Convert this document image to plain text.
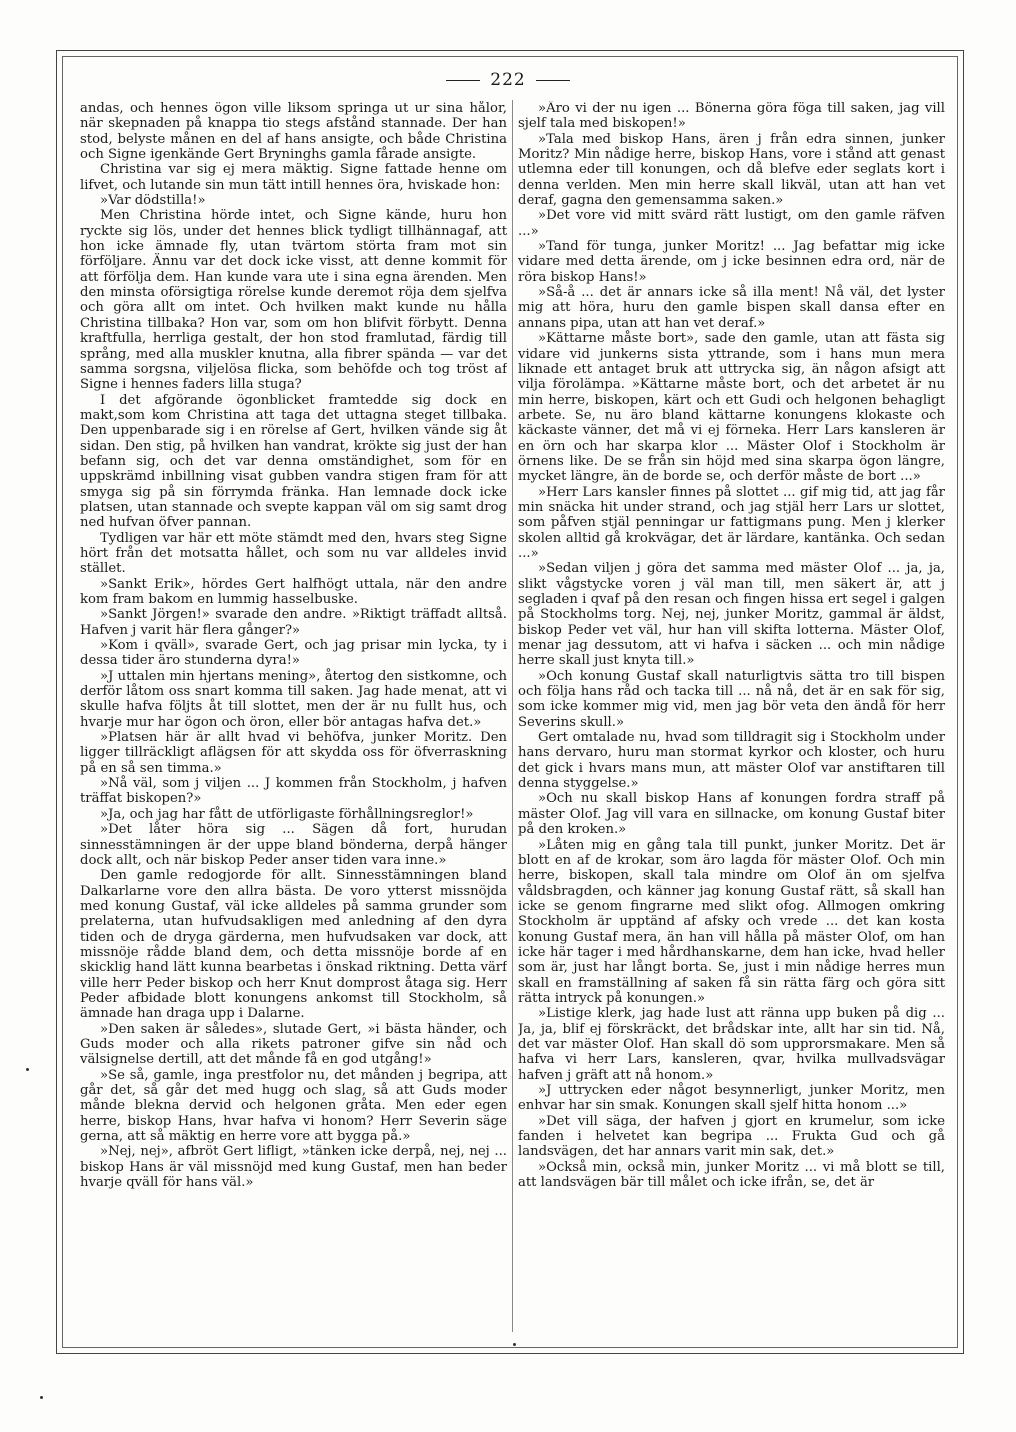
222

andas, och hennes ögon ville liksom springa ut ur sina hålor, när skepnaden på knappa tio stegs afstånd stannade. Der han stod, belyste månen en del af hans ansigte, och både Christina och Signe igenkände Gert Bryninghs gamla fårade ansigte.

Christina var sig ej mera mäktig. Signe fattade henne om lifvet, och lutande sin mun tätt intill hennes öra, hviskade hon:

»Var dödstilla!»

Men Christina hörde intet, och Signe kände, huru hon ryckte sig lös, under det hennes blick tydligt tillhännagaf, att hon icke ämnade fly, utan tvärtom störta fram mot sin förföljare. Ännu var det dock icke visst, att denne kommit för att förfölja dem. Han kunde vara ute i sina egna ärenden. Men den minsta oförsigtiga rörelse kunde deremot röja dem sjelfva och göra allt om intet. Och hvilken makt kunde nu hålla Christina tillbaka? Hon var, som om hon blifvit förbytt. Denna kraftfulla, herrliga gestalt, der hon stod framlutad, färdig till språng, med alla muskler knutna, alla fibrer spända — var det samma sorgsna, viljelösa flicka, som behöfde och tog tröst af Signe i hennes faders lilla stuga?

I det afgörande ögonblicket framtedde sig dock en makt,som kom Christina att taga det uttagna steget tillbaka. Den uppenbarade sig i en rörelse af Gert, hvilken vände sig åt sidan. Den stig, på hvilken han vandrat, krökte sig just der han befann sig, och det var denna omständighet, som för en uppskrämd inbillning visat gubben vandra stigen fram för att smyga sig på sin förrymda fränka. Han lemnade dock icke platsen, utan stannade och svepte kappan väl om sig samt drog ned hufvan öfver pannan.

Tydligen var här ett möte stämdt med den, hvars steg Signe hört från det motsatta hållet, och som nu var alldeles invid stället.

»Sankt Erik», hördes Gert halfhögt uttala, när den andre kom fram bakom en lummig hasselbuske.

»Sankt Jörgen!» svarade den andre. »Riktigt träffadt alltså. Hafven j varit här flera gånger?»

»Kom i qväll», svarade Gert, och jag prisar min lycka, ty i dessa tider äro stunderna dyra!»

»J uttalen min hjertans mening», återtog den sistkomne, och derför låtom oss snart komma till saken. Jag hade menat, att vi skulle hafva följts åt till slottet, men der är nu fullt hus, och hvarje mur har ögon och öron, eller bör antagas hafva det.»

»Platsen här är allt hvad vi behöfva, junker Moritz. Den ligger tillräckligt aflägsen för att skydda oss för öfverraskning på en så sen timma.»

»Nå väl, som j viljen ... J kommen från Stockholm, j hafven träffat biskopen?»

»Ja, och jag har fått de utförligaste förhållningsreglor!»

»Det låter höra sig ... Sägen då fort, hurudan sinnesstämningen är der uppe bland bönderna, derpå hänger dock allt, och när biskop Peder anser tiden vara inne.»

Den gamle redogjorde för allt. Sinnesstämningen bland Dalkarlarne vore den allra bästa. De voro ytterst missnöjda med konung Gustaf, väl icke alldeles på samma grunder som prelaterna, utan hufvudsakligen med anledning af den dyra tiden och de dryga gärderna, men hufvudsaken var dock, att missnöje rådde bland dem, och detta missnöje borde af en skicklig hand lätt kunna bearbetas i önskad riktning. Detta värf ville herr Peder biskop och herr Knut domprost åtaga sig. Herr Peder afbidade blott konungens ankomst till Stockholm, så ämnade han draga upp i Dalarne.

»Den saken är således», slutade Gert, »i bästa händer, och Guds moder och alla rikets patroner gifve sin nåd och välsignelse dertill, att det månde få en god utgång!»

»Se så, gamle, inga prestfolor nu, det månden j begripa, att går det, så går det med hugg och slag, så att Guds moder månde blekna dervid och helgonen gråta. Men eder egen herre, biskop Hans, hvar hafva vi honom? Herr Severin säge gerna, att så mäktig en herre vore att bygga på.»

»Nej, nej», afbröt Gert lifligt, »tänken icke derpå, nej, nej ... biskop Hans är väl missnöjd med kung Gustaf, men han beder hvarje qväll för hans väl.»

»Äro vi der nu igen ... Bönerna göra föga till saken, jag vill sjelf tala med biskopen!»

»Tala med biskop Hans, ären j från edra sinnen, junker Moritz? Min nådige herre, biskop Hans, vore i stånd att genast utlemna eder till konungen, och då blefve eder seglats kort i denna verlden. Men min herre skall likväl, utan att han vet deraf, gagna den gemensamma saken.»

»Det vore vid mitt svärd rätt lustigt, om den gamle räfven ...»

»Tand för tunga, junker Moritz! ... Jag befattar mig icke vidare med detta ärende, om j icke besinnen edra ord, när de röra biskop Hans!»

»Så-å ... det är annars icke så illa ment! Nå väl, det lyster mig att höra, huru den gamle bispen skall dansa efter en annans pipa, utan att han vet deraf.»

»Kättarne måste bort», sade den gamle, utan att fästa sig vidare vid junkerns sista yttrande, som i hans mun mera liknade ett antaget bruk att uttrycka sig, än någon afsigt att vilja förolämpa. »Kättarne måste bort, och det arbetet är nu min herre, biskopen, kärt och ett Gudi och helgonen behagligt arbete. Se, nu äro bland kättarne konungens klokaste och käckaste vänner, det må vi ej förneka. Herr Lars kansleren är en örn och har skarpa klor ... Mäster Olof i Stockholm är örnens like. De se från sin höjd med sina skarpa ögon längre, mycket längre, än de borde se, och derför måste de bort ...»

»Herr Lars kansler finnes på slottet ... gif mig tid, att jag får min snäcka hit under strand, och jag stjäl herr Lars ur slottet, som påfven stjäl penningar ur fattigmans pung. Men j klerker skolen alltid gå krokvägar, det är lärdare, kantänka. Och sedan ...»

»Sedan viljen j göra det samma med mäster Olof ... ja, ja, slikt vågstycke voren j väl man till, men säkert är, att j segladen i qvaf på den resan och fingen hissa ert segel i galgen på Stockholms torg. Nej, nej, junker Moritz, gammal är äldst, biskop Peder vet väl, hur han vill skifta lotterna. Mäster Olof, menar jag dessutom, att vi hafva i säcken ... och min nådige herre skall just knyta till.»

»Och konung Gustaf skall naturligtvis sätta tro till bispen och följa hans råd och tacka till ... nå nå, det är en sak för sig, som icke kommer mig vid, men jag bör veta den ändå för herr Severins skull.»

Gert omtalade nu, hvad som tilldragit sig i Stockholm under hans dervaro, huru man stormat kyrkor och kloster, och huru det gick i hvars mans mun, att mäster Olof var anstiftaren till denna styggelse.»

»Och nu skall biskop Hans af konungen fordra straff på mäster Olof. Jag vill vara en sillnacke, om konung Gustaf biter på den kroken.»

»Låten mig en gång tala till punkt, junker Moritz. Det är blott en af de krokar, som äro lagda för mäster Olof. Och min herre, biskopen, skall tala mindre om Olof än om sjelfva våldsbragden, och känner jag konung Gustaf rätt, så skall han icke se genom fingrarne med slikt ofog. Allmogen omkring Stockholm är upptänd af afsky och vrede ... det kan kosta konung Gustaf mera, än han vill hålla på mäster Olof, om han icke här tager i med hårdhanskarne, dem han icke, hvad heller som är, just har långt borta. Se, just i min nådige herres mun skall en framställning af saken få sin rätta färg och göra sitt rätta intryck på konungen.»

»Listige klerk, jag hade lust att ränna upp buken på dig ... Ja, ja, blif ej förskräckt, det brådskar inte, allt har sin tid. Nå, det var mäster Olof. Han skall dö som upprorsmakare. Men så hafva vi herr Lars, kansleren, qvar, hvilka mullvadsvägar hafven j gräft att nå honom.»

»J uttrycken eder något besynnerligt, junker Moritz, men enhvar har sin smak. Konungen skall sjelf hitta honom ...»

»Det vill säga, der hafven j gjort en krumelur, som icke fanden i helvetet kan begripa ... Frukta Gud och gå landsvägen, det har annars varit min sak, det.»

»Också min, också min, junker Moritz ... vi må blott se till, att landsvägen bär till målet och icke ifrån, se, det är
